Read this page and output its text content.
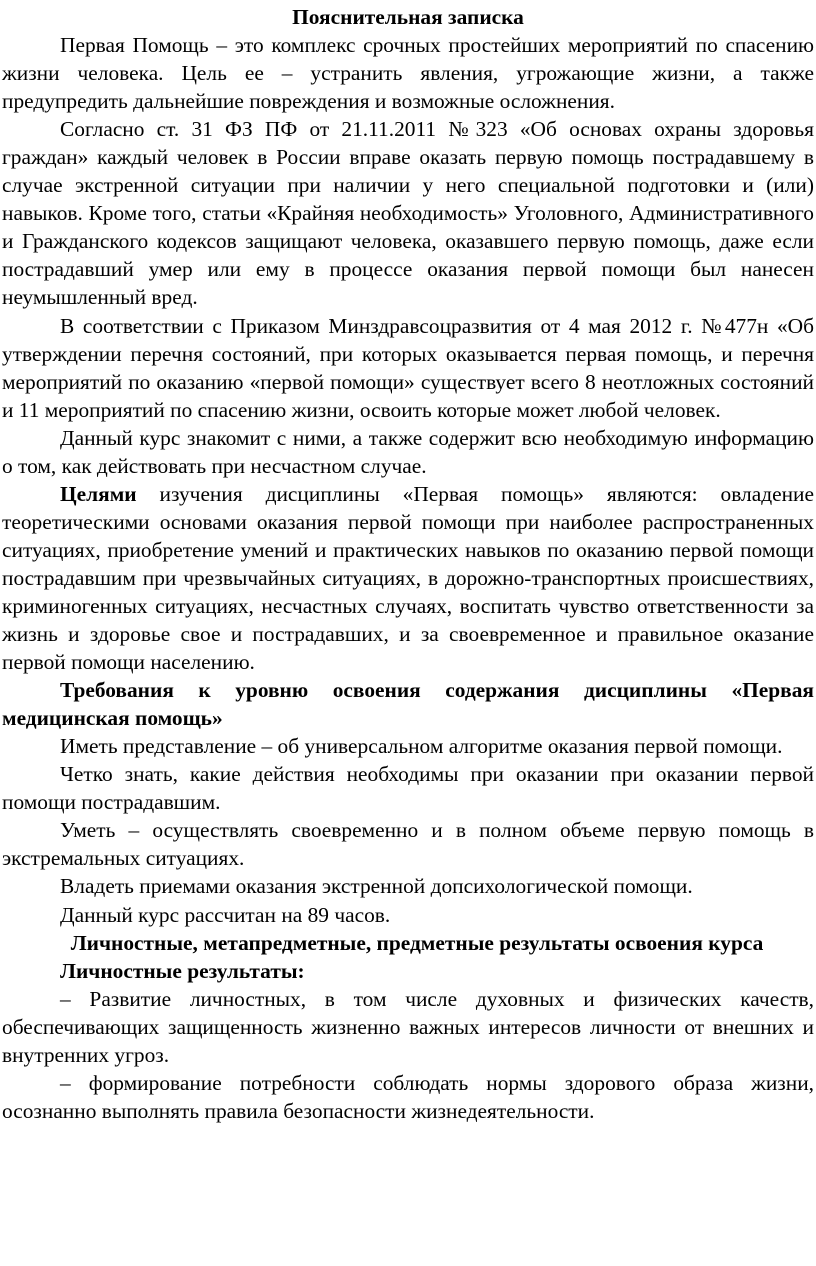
Пояснительная записка

Первая Помощь – это комплекс срочных простейших мероприятий по спасению жизни человека. Цель ее – устранить явления, угрожающие жизни, а также предупредить дальнейшие повреждения и возможные осложнения.

Согласно ст. 31 ФЗ ПФ от 21.11.2011 №323 «Об основах охраны здоровья граждан» каждый человек в России вправе оказать первую помощь пострадавшему в случае экстренной ситуации при наличии у него специальной подготовки и (или) навыков. Кроме того, статьи «Крайняя необходимость» Уголовного, Административного и Гражданского кодексов защищают человека, оказавшего первую помощь, даже если пострадавший умер или ему в процессе оказания первой помощи был нанесен неумышленный вред.

В соответствии с Приказом Минздравсоцразвития от 4 мая 2012 г. №477н «Об утверждении перечня состояний, при которых оказывается первая помощь, и перечня мероприятий по оказанию «первой помощи» существует всего 8 неотложных состояний и 11 мероприятий по спасению жизни, освоить которые может любой человек.

Данный курс знакомит с ними, а также содержит всю необходимую информацию о том, как действовать при несчастном случае.

Целями изучения дисциплины «Первая помощь» являются: овладение теоретическими основами оказания первой помощи при наиболее распространенных ситуациях, приобретение умений и практических навыков по оказанию первой помощи пострадавшим при чрезвычайных ситуациях, в дорожно-транспортных происшествиях, криминогенных ситуациях, несчастных случаях, воспитать чувство ответственности за жизнь и здоровье свое и пострадавших, и за своевременное и правильное оказание первой помощи населению.

Требования к уровню освоения содержания дисциплины «Первая медицинская помощь»

Иметь представление – об универсальном алгоритме оказания первой помощи.

Четко знать, какие действия необходимы при оказании при оказании первой помощи пострадавшим.

Уметь – осуществлять своевременно и в полном объеме первую помощь в экстремальных ситуациях.

Владеть приемами оказания экстренной допсихологической помощи.

Данный курс рассчитан на 89 часов.

Личностные, метапредметные, предметные результаты освоения курса

Личностные результаты:

– Развитие личностных, в том числе духовных и физических качеств, обеспечивающих защищенность жизненно важных интересов личности от внешних и внутренних угроз.

– формирование потребности соблюдать нормы здорового образа жизни, осознанно выполнять правила безопасности жизнедеятельности.
